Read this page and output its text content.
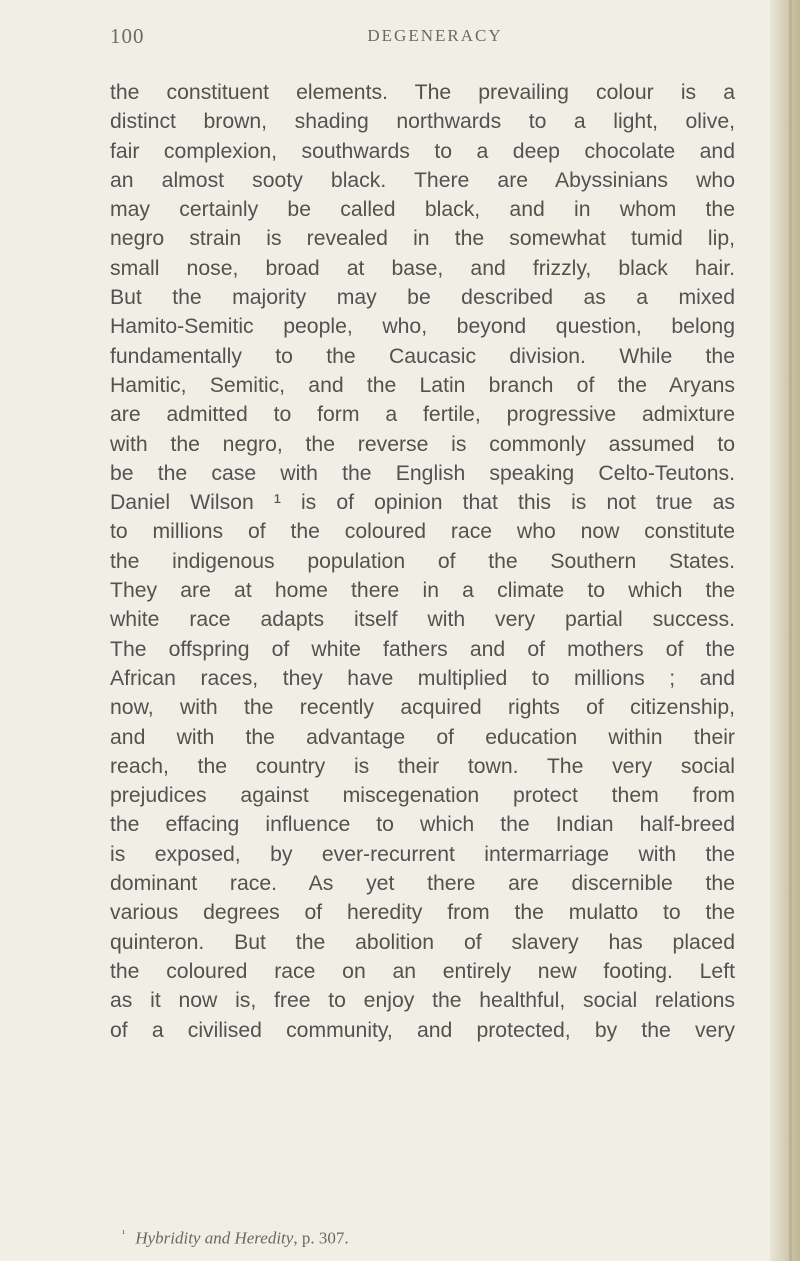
100	DEGENERACY
the constituent elements. The prevailing colour is a
distinct brown, shading northwards to a light, olive,
fair complexion, southwards to a deep chocolate and
an almost sooty black. There are Abyssinians who
may certainly be called black, and in whom the
negro strain is revealed in the somewhat tumid lip,
small nose, broad at base, and frizzly, black hair.
But the majority may be described as a mixed
Hamito-Semitic people, who, beyond question, belong
fundamentally to the Caucasic division. While the
Hamitic, Semitic, and the Latin branch of the Aryans
are admitted to form a fertile, progressive admixture
with the negro, the reverse is commonly assumed to
be the case with the English speaking Celto-Teutons.
Daniel Wilson ¹ is of opinion that this is not true as
to millions of the coloured race who now constitute
the indigenous population of the Southern States.
They are at home there in a climate to which the
white race adapts itself with very partial success.
The offspring of white fathers and of mothers of the
African races, they have multiplied to millions ; and
now, with the recently acquired rights of citizenship,
and with the advantage of education within their
reach, the country is their town. The very social
prejudices against miscegenation protect them from
the effacing influence to which the Indian half-breed
is exposed, by ever-recurrent intermarriage with the
dominant race. As yet there are discernible the
various degrees of heredity from the mulatto to the
quinteron. But the abolition of slavery has placed
the coloured race on an entirely new footing. Left
as it now is, free to enjoy the healthful, social relations
of a civilised community, and protected, by the very
$^{^1}$ Hybridity and Heredity, p. 307.
